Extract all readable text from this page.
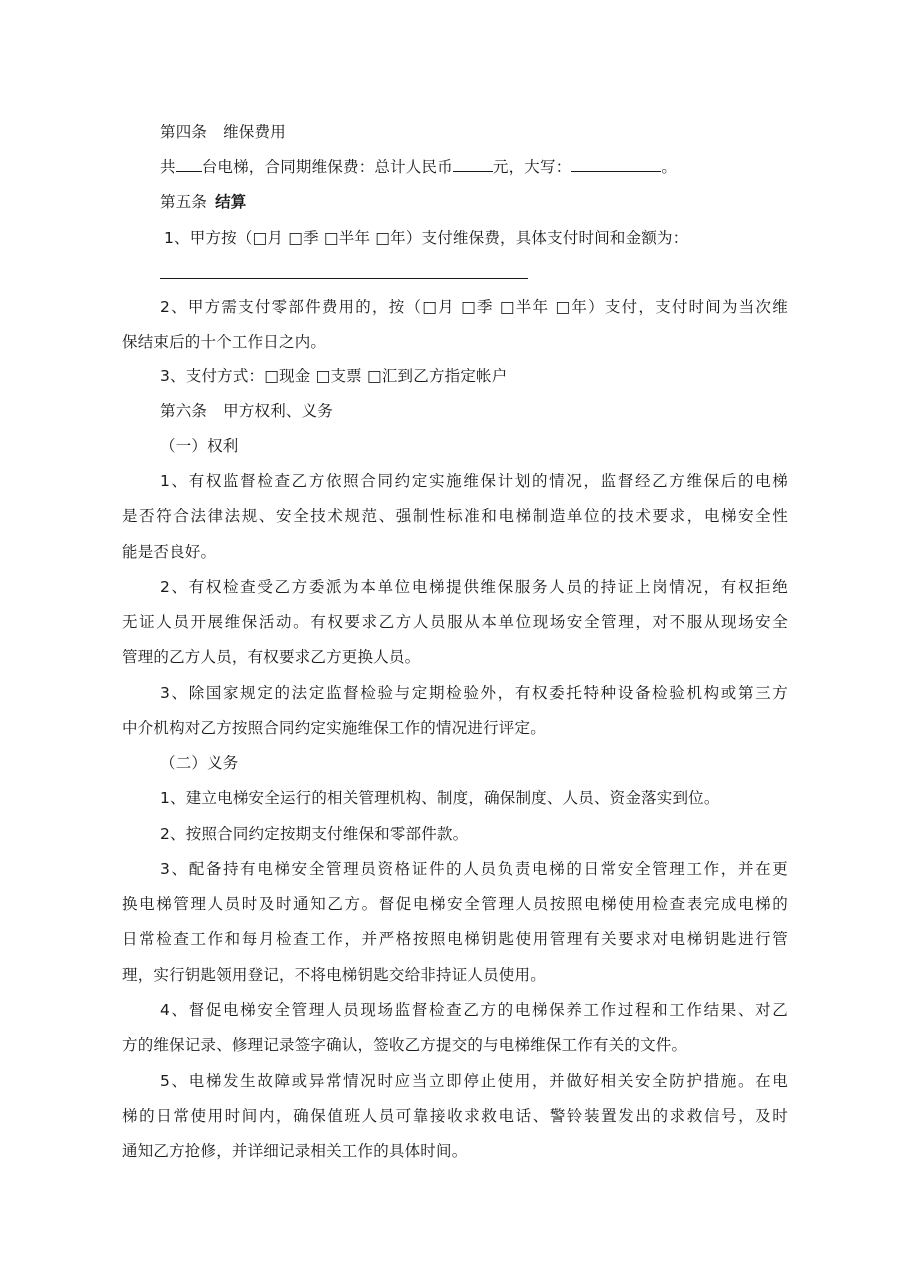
第四条 维保费用
共 台电梯，合同期维保费：总计人民币	元，大写：	。
第五条 结算
1、甲方按（□月 □季 □半年 □年）支付维保费，具体支付时间和金额为：
2、甲方需支付零部件费用的，按（□月 □季 □半年 □年）支付，支付时间为当次维
保结束后的十个工作日之内。
3、支付方式：□现金 □支票 □汇到乙方指定帐户
第六条 甲方权利、义务
（一）权利
1、有权监督检查乙方依照合同约定实施维保计划的情况，监督经乙方维保后的电梯
是否符合法律法规、安全技术规范、强制性标准和电梯制造单位的技术要求，电梯安全性
能是否良好。
2、有权检查受乙方委派为本单位电梯提供维保服务人员的持证上岗情况，有权拒绝
无证人员开展维保活动。有权要求乙方人员服从本单位现场安全管理，对不服从现场安全
管理的乙方人员，有权要求乙方更换人员。
3、除国家规定的法定监督检验与定期检验外，有权委托特种设备检验机构或第三方
中介机构对乙方按照合同约定实施维保工作的情况进行评定。
（二）义务
1、建立电梯安全运行的相关管理机构、制度，确保制度、人员、资金落实到位。
2、按照合同约定按期支付维保和零部件款。
3、配备持有电梯安全管理员资格证件的人员负责电梯的日常安全管理工作，并在更
换电梯管理人员时及时通知乙方。督促电梯安全管理人员按照电梯使用检查表完成电梯的
日常检查工作和每月检查工作，并严格按照电梯钥匙使用管理有关要求对电梯钥匙进行管
理，实行钥匙领用登记，不将电梯钥匙交给非持证人员使用。
4、督促电梯安全管理人员现场监督检查乙方的电梯保养工作过程和工作结果、对乙
方的维保记录、修理记录签字确认，签收乙方提交的与电梯维保工作有关的文件。
5、电梯发生故障或异常情况时应当立即停止使用，并做好相关安全防护措施。在电
梯的日常使用时间内，确保值班人员可靠接收求救电话、警铃装置发出的求救信号，及时
通知乙方抢修，并详细记录相关工作的具体时间。
